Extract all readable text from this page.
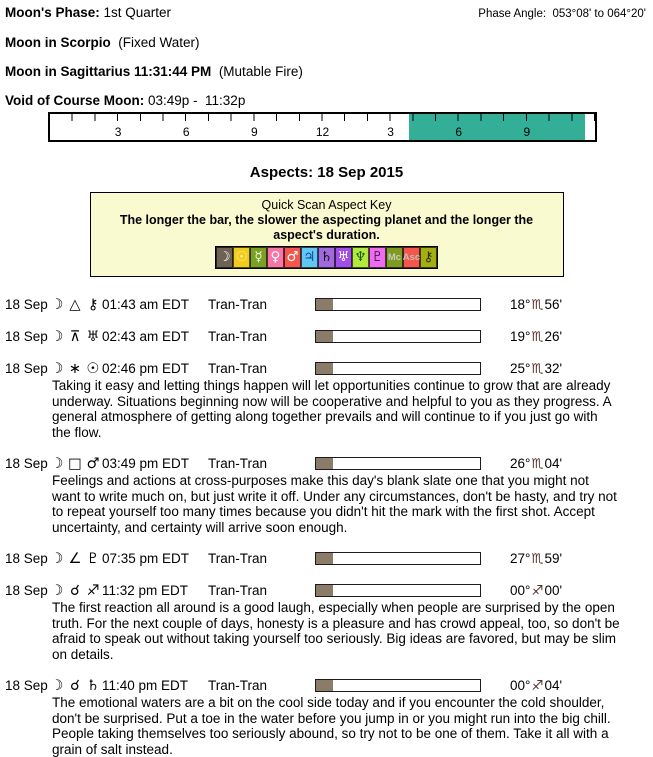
Moon's Phase: 1st Quarter	Phase Angle: 053°08' to 064°20'
Moon in Scorpio (Fixed Water)
Moon in Sagittarius 11:31:44 PM (Mutable Fire)
Void of Course Moon: 03:49p -  11:32p
3	6	9	12	3	6	9
Aspects: 18 Sep 2015
Quick Scan Aspect Key
The longer the bar, the slower the aspecting planet and the longer the aspect's duration.
☽ ☉ ☿ ♀ ♂ ♃ ♄ ♅ ♆ ♇ Mc Asc ⚷
18 Sep ☽ △ ⚷ 01:43 am EDT Tran-Tran	18°♏56'
18 Sep ☽ ⊼ ♅ 02:43 am EDT Tran-Tran	19°♏26'
18 Sep ☽ ∗ ☉ 02:46 pm EDT Tran-Tran	25°♏32'
Taking it easy and letting things happen will let opportunities continue to grow that are already underway. Situations beginning now will be cooperative and helpful to you as they progress. A general atmosphere of getting along together prevails and will continue to if you just go with the flow.
18 Sep ☽ □ ♂ 03:49 pm EDT Tran-Tran	26°♏04'
Feelings and actions at cross-purposes make this day's blank slate one that you might not want to write much on, but just write it off. Under any circumstances, don't be hasty, and try not to repeat yourself too many times because you didn't hit the mark with the first shot. Accept uncertainty, and certainty will arrive soon enough.
18 Sep ☽ ∠ ♇ 07:35 pm EDT Tran-Tran	27°♏59'
18 Sep ☽ ☌ ♐ 11:32 pm EDT Tran-Tran	00°♐00'
The first reaction all around is a good laugh, especially when people are surprised by the open truth. For the next couple of days, honesty is a pleasure and has crowd appeal, too, so don't be afraid to speak out without taking yourself too seriously. Big ideas are favored, but may be slim on details.
18 Sep ☽ ☌ ♄ 11:40 pm EDT Tran-Tran	00°♐04'
The emotional waters are a bit on the cool side today and if you encounter the cold shoulder, don't be surprised. Put a toe in the water before you jump in or you might run into the big chill. People taking themselves too seriously abound, so try not to be one of them. Take it all with a grain of salt instead.
